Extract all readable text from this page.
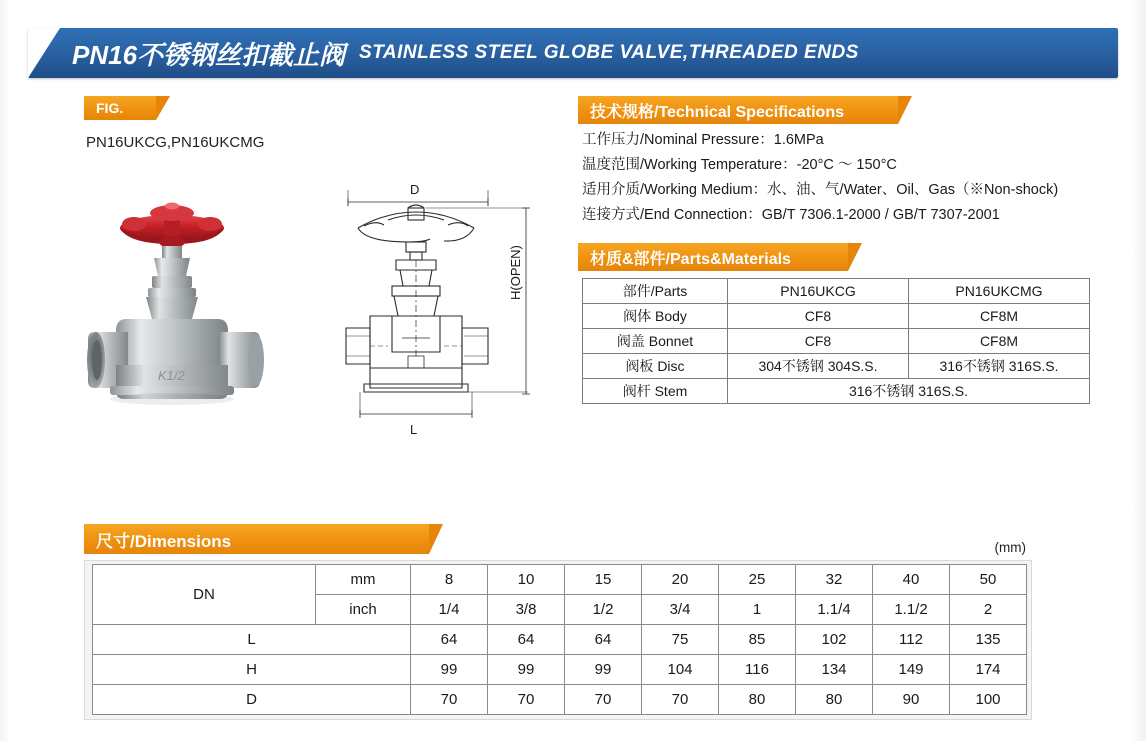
PN16不锈钢丝扣截止阀 STAINLESS STEEL GLOBE VALVE,THREADED ENDS
FIG.
PN16UKCG,PN16UKCMG
K1/2
D
L
H(OPEN)
技术规格/Technical Specifications
工作压力/Nominal Pressure：1.6MPa
温度范围/Working Temperature：-20°C ～ 150°C
适用介质/Working Medium：水、油、气/Water、Oil、Gas（※Non-shock)
连接方式/End Connection：GB/T 7306.1-2000 / GB/T 7307-2001
材质&部件/Parts&Materials
部件/Parts	PN16UKCG	PN16UKCMG
阀体 Body	CF8	CF8M
阀盖 Bonnet	CF8	CF8M
阀板 Disc	304不锈钢 304S.S.	316不锈钢 316S.S.
阀杆 Stem	316不锈钢 316S.S.	
尺寸/Dimensions	(mm)
DN	mm	8	10	15	20	25	32	40	50
	inch	1/4	3/8	1/2	3/4	1	1.1/4	1.1/2	2
L		64	64	64	75	85	102	112	135
H		99	99	99	104	116	134	149	174
D		70	70	70	70	80	80	90	100
